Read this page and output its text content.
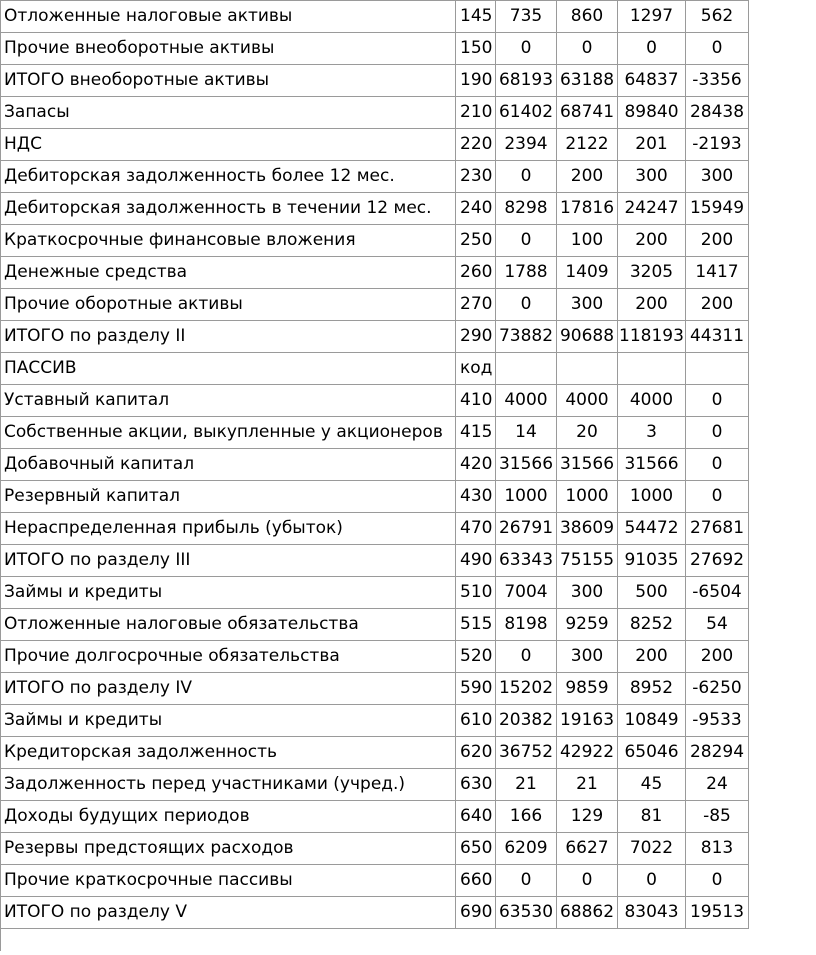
Отложенные налоговые активы	145	735	860	1297	562
Прочие внеоборотные активы	150	0	0	0	0
ИТОГО внеоборотные активы	190	68193	63188	64837	-3356
Запасы	210	61402	68741	89840	28438
НДС	220	2394	2122	201	-2193
Дебиторская задолженность более 12 мес.	230	0	200	300	300
Дебиторская задолженность в течении 12 мес.	240	8298	17816	24247	15949
Краткосрочные финансовые вложения	250	0	100	200	200
Денежные средства	260	1788	1409	3205	1417
Прочие оборотные активы	270	0	300	200	200
ИТОГО по разделу II	290	73882	90688	118193	44311
ПАССИВ	код				
Уставный капитал	410	4000	4000	4000	0
Собственные акции, выкупленные у акционеров	415	14	20	3	0
Добавочный капитал	420	31566	31566	31566	0
Резервный капитал	430	1000	1000	1000	0
Нераспределенная прибыль (убыток)	470	26791	38609	54472	27681
ИТОГО по разделу III	490	63343	75155	91035	27692
Займы и кредиты	510	7004	300	500	-6504
Отложенные налоговые обязательства	515	8198	9259	8252	54
Прочие долгосрочные обязательства	520	0	300	200	200
ИТОГО по разделу IV	590	15202	9859	8952	-6250
Займы и кредиты	610	20382	19163	10849	-9533
Кредиторская задолженность	620	36752	42922	65046	28294
Задолженность перед участниками (учред.)	630	21	21	45	24
Доходы будущих периодов	640	166	129	81	-85
Резервы предстоящих расходов	650	6209	6627	7022	813
Прочие краткосрочные пассивы	660	0	0	0	0
ИТОГО по разделу V	690	63530	68862	83043	19513
